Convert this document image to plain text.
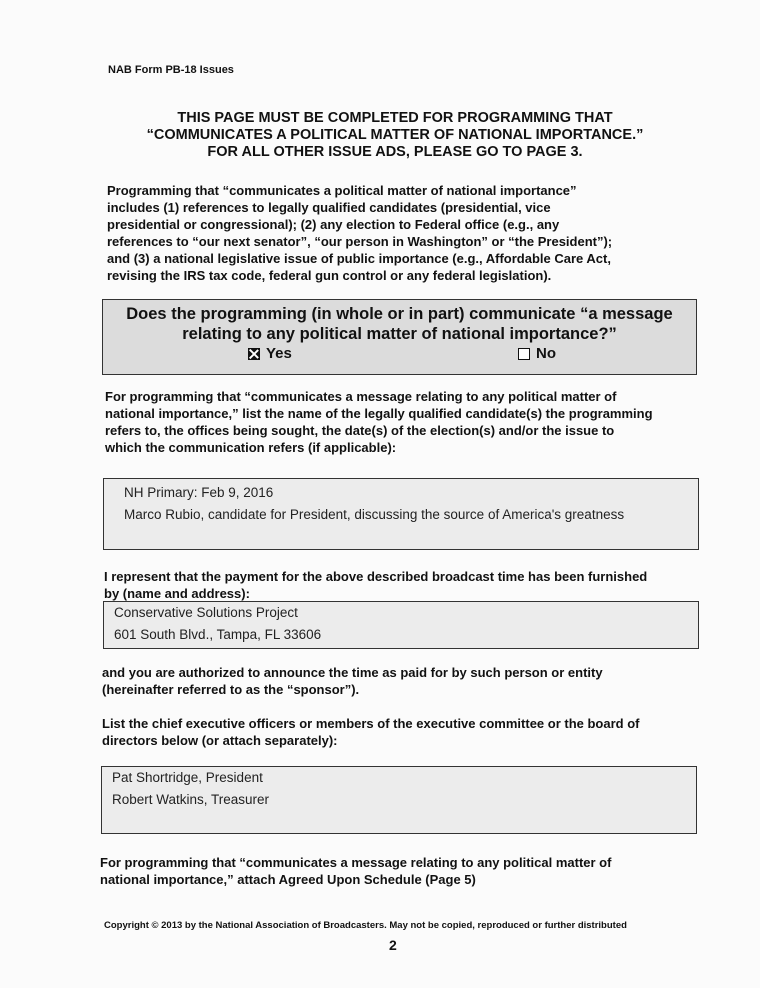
NAB Form PB-18 Issues
THIS PAGE MUST BE COMPLETED FOR PROGRAMMING THAT
“COMMUNICATES A POLITICAL MATTER OF NATIONAL IMPORTANCE.”
FOR ALL OTHER ISSUE ADS, PLEASE GO TO PAGE 3.
Programming that “communicates a political matter of national importance”
includes (1) references to legally qualified candidates (presidential, vice
presidential or congressional); (2) any election to Federal office (e.g., any
references to “our next senator”, “our person in Washington” or “the President”);
and (3) a national legislative issue of public importance (e.g., Affordable Care Act,
revising the IRS tax code, federal gun control or any federal legislation).
Does the programming (in whole or in part) communicate “a message
relating to any political matter of national importance?”
Yes	No
For programming that “communicates a message relating to any political matter of
national importance,” list the name of the legally qualified candidate(s) the programming
refers to, the offices being sought, the date(s) of the election(s) and/or the issue to
which the communication refers (if applicable):
NH Primary: Feb 9, 2016
Marco Rubio, candidate for President, discussing the source of America's greatness
I represent that the payment for the above described broadcast time has been furnished
by (name and address):
Conservative Solutions Project
601 South Blvd., Tampa, FL 33606
and you are authorized to announce the time as paid for by such person or entity
(hereinafter referred to as the “sponsor”).
List the chief executive officers or members of the executive committee or the board of
directors below (or attach separately):
Pat Shortridge, President
Robert Watkins, Treasurer
For programming that “communicates a message relating to any political matter of
national importance,” attach Agreed Upon Schedule (Page 5)
Copyright © 2013 by the National Association of Broadcasters. May not be copied, reproduced or further distributed
2
